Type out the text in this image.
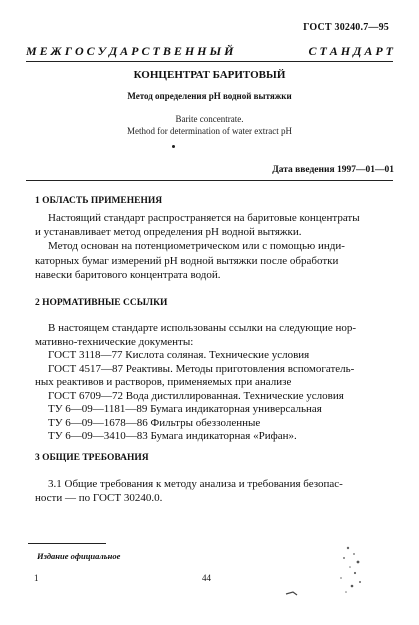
ГОСТ 30240.7—95
М Е Ж Г О С У Д А Р С Т В Е Н Н Ы Й	С Т А Н Д А Р Т
КОНЦЕНТРАТ БАРИТОВЫЙ
Метод определения pH водной вытяжки
Barite concentrate.
Method for determination of water extract pH
Дата введения 1997—01—01
1 ОБЛАСТЬ ПРИМЕНЕНИЯ
Настоящий стандарт распространяется на баритовые концентраты
и устанавливает метод определения pH водной вытяжки.
Метод основан на потенциометрическом или с помощью инди-
каторных бумаг измерений pH водной вытяжки после обработки
навески баритового концентрата водой.
2 НОРМАТИВНЫЕ ССЫЛКИ
В настоящем стандарте использованы ссылки на следующие нор-
мативно-технические документы:
ГОСТ 3118—77 Кислота соляная. Технические условия
ГОСТ 4517—87 Реактивы. Методы приготовления вспомогатель-
ных реактивов и растворов, применяемых при анализе
ГОСТ 6709—72 Вода дистиллированная. Технические условия
ТУ 6—09—1181—89 Бумага индикаторная универсальная
ТУ 6—09—1678—86 Фильтры обеззоленные
ТУ 6—09—3410—83 Бумага индикаторная «Рифан».
3 ОБЩИЕ ТРЕБОВАНИЯ
3.1 Общие требования к методу анализа и требования безопас-
ности — по ГОСТ 30240.0.
Издание официальное
1	44
